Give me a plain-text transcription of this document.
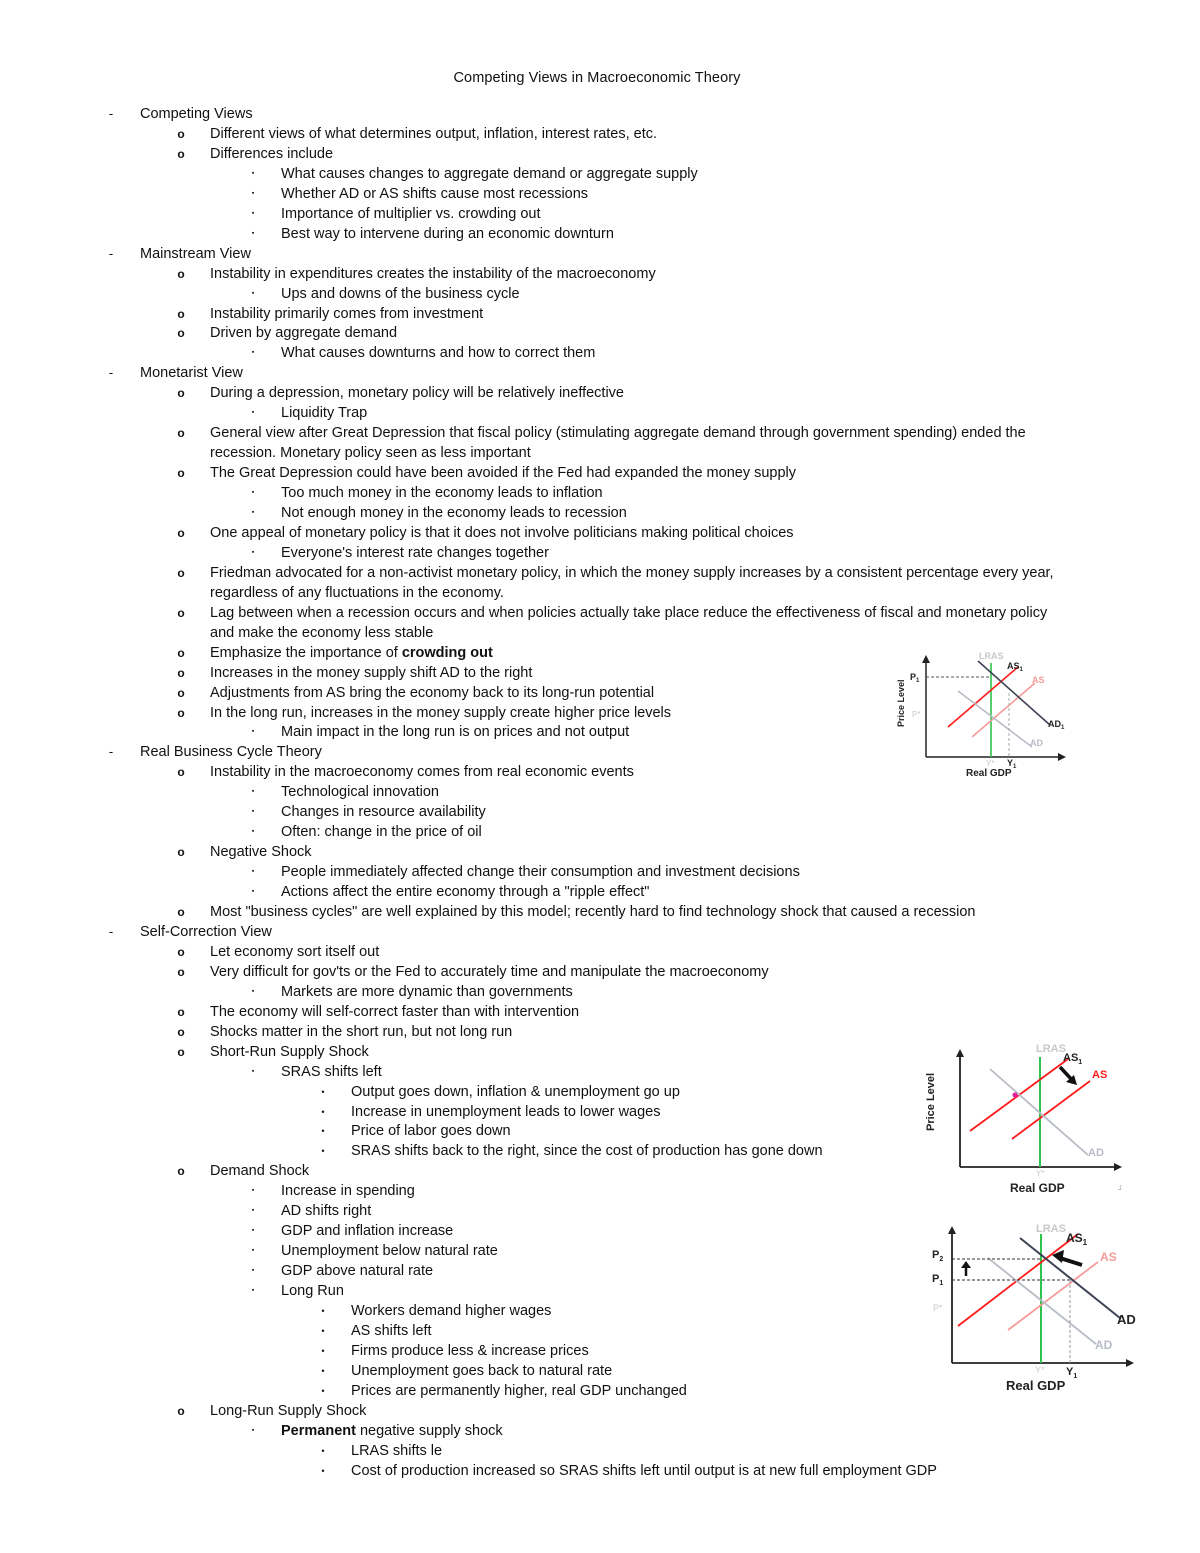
Competing Views in Macroeconomic Theory
-	Competing Views
o Different views of what determines output, inflation, interest rates, etc.
o Differences include
▪	What causes changes to aggregate demand or aggregate supply
▪	Whether AD or AS shifts cause most recessions
▪	Importance of multiplier vs. crowding out
▪	Best way to intervene during an economic downturn
-	Mainstream View
o Instability in expenditures creates the instability of the macroeconomy
▪	Ups and downs of the business cycle
o Instability primarily comes from investment
o Driven by aggregate demand
▪	What causes downturns and how to correct them
-	Monetarist View
o During a depression, monetary policy will be relatively ineffective
▪	Liquidity Trap
o General view after Great Depression that fiscal policy (stimulating aggregate demand through government spending) ended the
recession. Monetary policy seen as less important
o The Great Depression could have been avoided if the Fed had expanded the money supply
▪	Too much money in the economy leads to inflation
▪	Not enough money in the economy leads to recession
o One appeal of monetary policy is that it does not involve politicians making political choices
▪	Everyone's interest rate changes together
o Friedman advocated for a non-activist monetary policy, in which the money supply increases by a consistent percentage every year,
regardless of any fluctuations in the economy.
o Lag between when a recession occurs and when policies actually take place reduce the effectiveness of fiscal and monetary policy
and make the economy less stable
o Emphasize the importance of crowding out
o Increases in the money supply shift AD to the right
o Adjustments from AS bring the economy back to its long-run potential
o In the long run, increases in the money supply create higher price levels
▪	Main impact in the long run is on prices and not output
-	Real Business Cycle Theory
o Instability in the macroeconomy comes from real economic events
▪	Technological innovation
▪	Changes in resource availability
▪	Often: change in the price of oil
o Negative Shock
▪	People immediately affected change their consumption and investment decisions
▪	Actions affect the entire economy through a "ripple effect"
o Most "business cycles" are well explained by this model; recently hard to find technology shock that caused a recession
-	Self-Correction View
o Let economy sort itself out
o Very difficult for gov'ts or the Fed to accurately time and manipulate the macroeconomy
▪	Markets are more dynamic than governments
o The economy will self-correct faster than with intervention
o Shocks matter in the short run, but not long run
o Short-Run Supply Shock
▪	SRAS shifts left
•	Output goes down, inflation & unemployment go up
•	Increase in unemployment leads to lower wages
•	Price of labor goes down
•	SRAS shifts back to the right, since the cost of production has gone down
o Demand Shock
▪	Increase in spending
▪	AD shifts right
▪	GDP and inflation increase
▪	Unemployment below natural rate
▪	GDP above natural rate
▪	Long Run
•	Workers demand higher wages
•	AS shifts left
•	Firms produce less & increase prices
•	Unemployment goes back to natural rate
•	Prices are permanently higher, real GDP unchanged
o Long-Run Supply Shock
▪	Permanent negative supply shock
•	LRAS shifts le
•	Cost of production increased so SRAS shifts left until output is at new full employment GDP
Price Level
Real GDP
LRAS
$AS_1$
AS
$AD_1$
AD
$P_1$
P*
Y* $Y_1$
Price Level
Real GDP
LRAS
$AS_1$
AS
AD
Y*
┘
Real GDP
LRAS
$AS_1$
AS
AD
AD
$P_2$
$P_1$
P*
Y* $Y_1$
